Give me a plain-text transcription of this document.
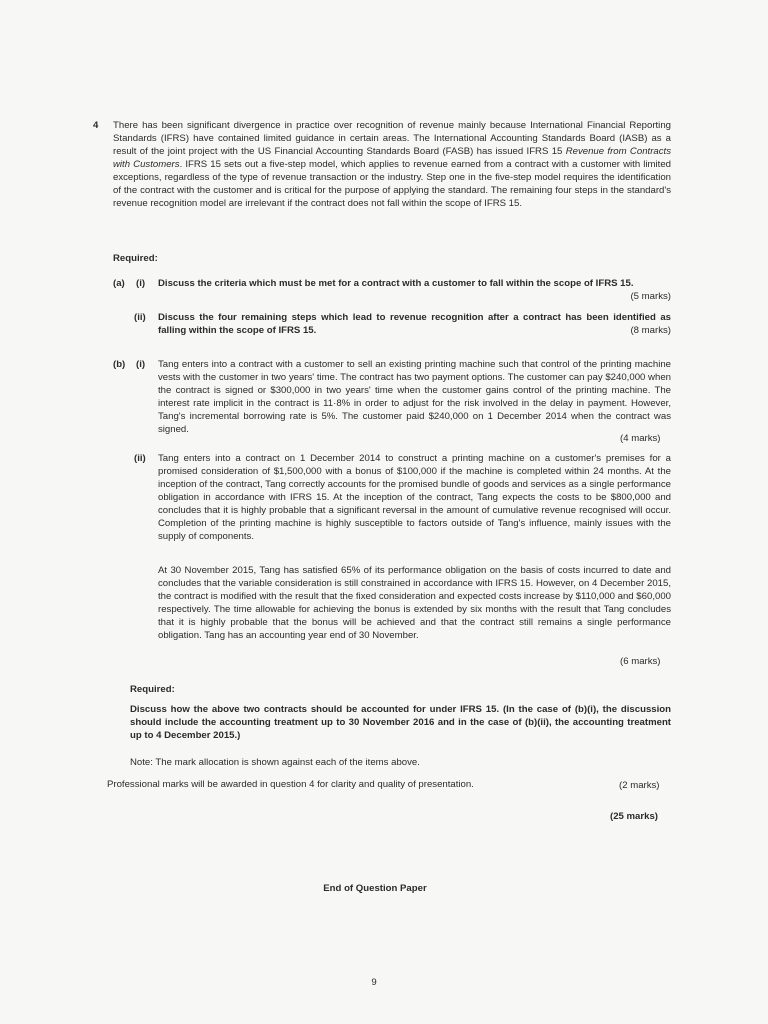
4 There has been significant divergence in practice over recognition of revenue mainly because International Financial Reporting Standards (IFRS) have contained limited guidance in certain areas. The International Accounting Standards Board (IASB) as a result of the joint project with the US Financial Accounting Standards Board (FASB) has issued IFRS 15 Revenue from Contracts with Customers. IFRS 15 sets out a five-step model, which applies to revenue earned from a contract with a customer with limited exceptions, regardless of the type of revenue transaction or the industry. Step one in the five-step model requires the identification of the contract with the customer and is critical for the purpose of applying the standard. The remaining four steps in the standard's revenue recognition model are irrelevant if the contract does not fall within the scope of IFRS 15.
Required:
(a) (i) Discuss the criteria which must be met for a contract with a customer to fall within the scope of IFRS 15.
(5 marks)
(ii) Discuss the four remaining steps which lead to revenue recognition after a contract has been identified as falling within the scope of IFRS 15.	(8 marks)
(b) (i) Tang enters into a contract with a customer to sell an existing printing machine such that control of the printing machine vests with the customer in two years' time. The contract has two payment options. The customer can pay $240,000 when the contract is signed or $300,000 in two years' time when the customer gains control of the printing machine. The interest rate implicit in the contract is 11·8% in order to adjust for the risk involved in the delay in payment. However, Tang's incremental borrowing rate is 5%. The customer paid $240,000 on 1 December 2014 when the contract was signed.
(4 marks)
(ii) Tang enters into a contract on 1 December 2014 to construct a printing machine on a customer's premises for a promised consideration of $1,500,000 with a bonus of $100,000 if the machine is completed within 24 months. At the inception of the contract, Tang correctly accounts for the promised bundle of goods and services as a single performance obligation in accordance with IFRS 15. At the inception of the contract, Tang expects the costs to be $800,000 and concludes that it is highly probable that a significant reversal in the amount of cumulative revenue recognised will occur. Completion of the printing machine is highly susceptible to factors outside of Tang's influence, mainly issues with the supply of components.
At 30 November 2015, Tang has satisfied 65% of its performance obligation on the basis of costs incurred to date and concludes that the variable consideration is still constrained in accordance with IFRS 15. However, on 4 December 2015, the contract is modified with the result that the fixed consideration and expected costs increase by $110,000 and $60,000 respectively. The time allowable for achieving the bonus is extended by six months with the result that Tang concludes that it is highly probable that the bonus will be achieved and that the contract still remains a single performance obligation. Tang has an accounting year end of 30 November.
(6 marks)
Required:
Discuss how the above two contracts should be accounted for under IFRS 15. (In the case of (b)(i), the discussion should include the accounting treatment up to 30 November 2016 and in the case of (b)(ii), the accounting treatment up to 4 December 2015.)
Note: The mark allocation is shown against each of the items above.
Professional marks will be awarded in question 4 for clarity and quality of presentation.	(2 marks)
(25 marks)
End of Question Paper
9
